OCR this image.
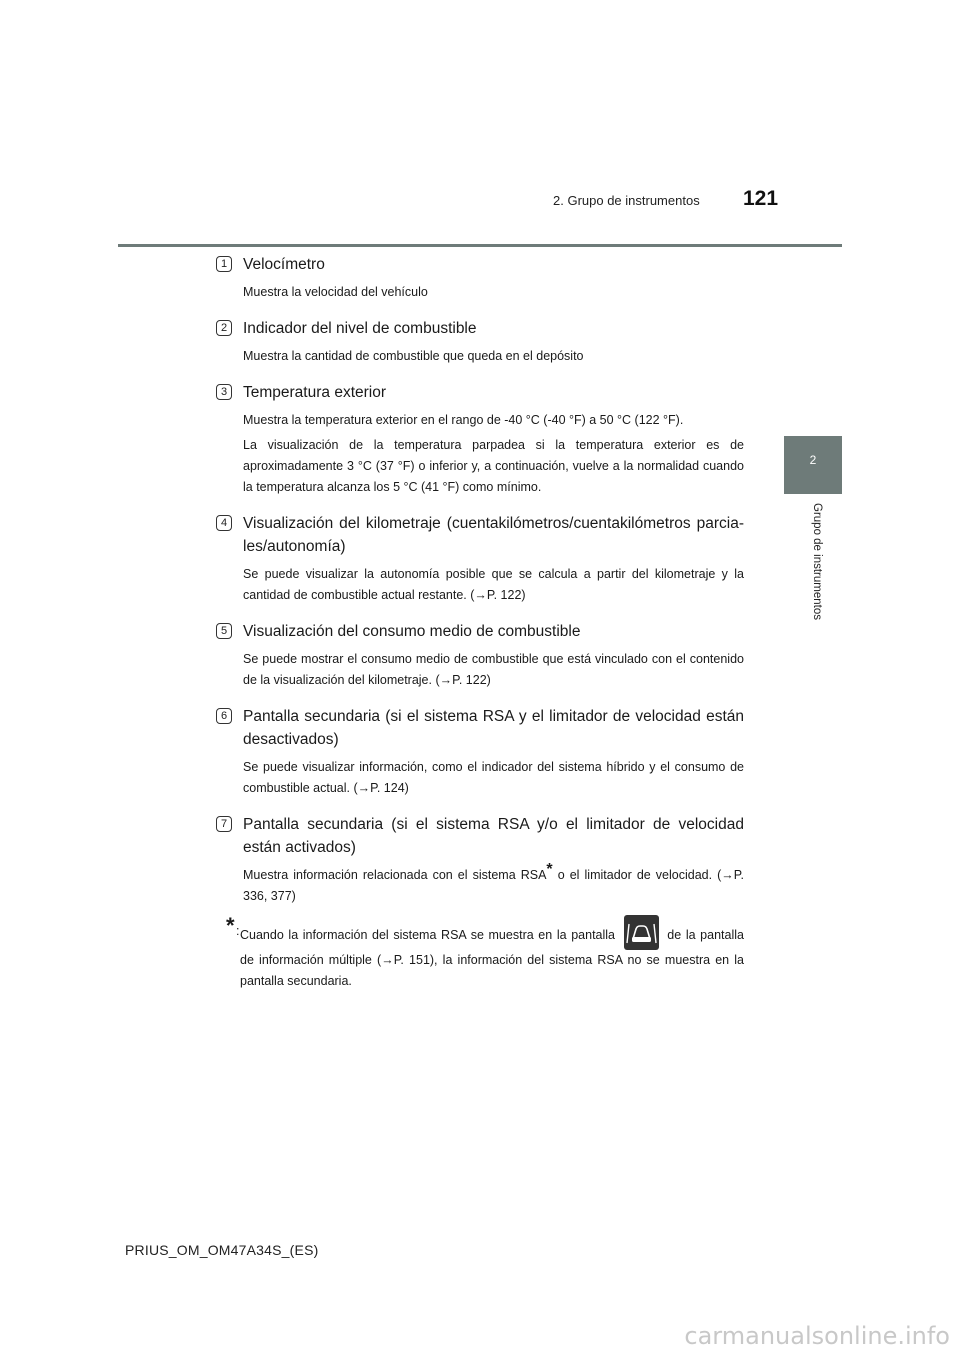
2. Grupo de instrumentos 121
2
Grupo de instrumentos
1	Velocímetro
Muestra la velocidad del vehículo
2	Indicador del nivel de combustible
Muestra la cantidad de combustible que queda en el depósito
3	Temperatura exterior
Muestra la temperatura exterior en el rango de -40 °C (-40 °F) a 50 °C (122 °F).
La visualización de la temperatura parpadea si la temperatura exterior es de aproximadamente 3 °C (37 °F) o inferior y, a continuación, vuelve a la normalidad cuando la temperatura alcanza los 5 °C (41 °F) como mínimo.
4	Visualización del kilometraje (cuentakilómetros/cuentakilómetros parciales/autonomía)
Se puede visualizar la autonomía posible que se calcula a partir del kilometraje y la cantidad de combustible actual restante. (→P. 122)
5	Visualización del consumo medio de combustible
Se puede mostrar el consumo medio de combustible que está vinculado con el contenido de la visualización del kilometraje. (→P. 122)
6	Pantalla secundaria (si el sistema RSA y el limitador de velocidad están desactivados)
Se puede visualizar información, como el indicador del sistema híbrido y el consumo de combustible actual. (→P. 124)
7	Pantalla secundaria (si el sistema RSA y/o el limitador de velocidad están activados)
Muestra información relacionada con el sistema RSA* o el limitador de velocidad. (→P. 336, 377)
* : Cuando la información del sistema RSA se muestra en la pantalla	de la pantalla de información múltiple (→P. 151), la información del sistema RSA no se muestra en la pantalla secundaria.
PRIUS_OM_OM47A34S_(ES)
carmanualsonline.info
